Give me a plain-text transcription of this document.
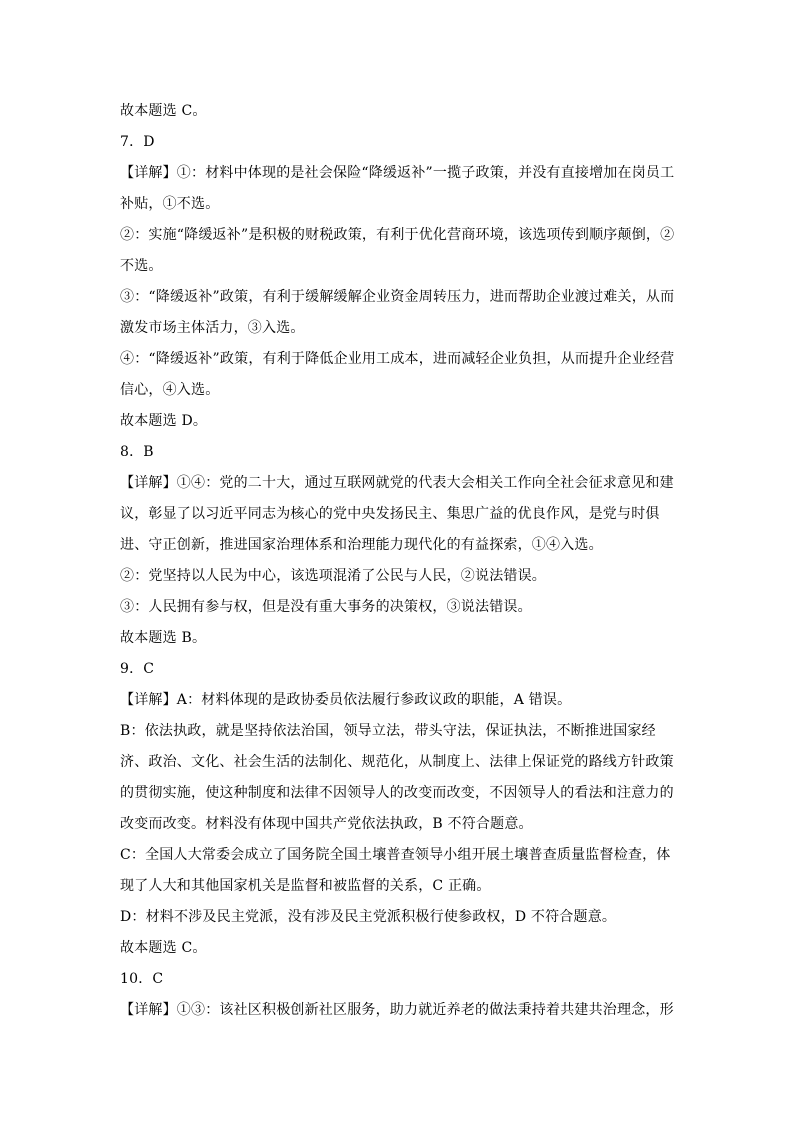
故本题选 C。
7．D
【详解】①：材料中体现的是社会保险“降缓返补”一揽子政策，并没有直接增加在岗员工
补贴，①不选。
②：实施“降缓返补”是积极的财税政策，有利于优化营商环境，该选项传到顺序颠倒，②
不选。
③：“降缓返补”政策，有利于缓解缓解企业资金周转压力，进而帮助企业渡过难关，从而
激发市场主体活力，③入选。
④：“降缓返补”政策，有利于降低企业用工成本，进而减轻企业负担，从而提升企业经营
信心，④入选。
故本题选 D。
8．B
【详解】①④：党的二十大，通过互联网就党的代表大会相关工作向全社会征求意见和建
议，彰显了以习近平同志为核心的党中央发扬民主、集思广益的优良作风，是党与时俱
进、守正创新，推进国家治理体系和治理能力现代化的有益探索，①④入选。
②：党坚持以人民为中心，该选项混淆了公民与人民，②说法错误。
③：人民拥有参与权，但是没有重大事务的决策权，③说法错误。
故本题选 B。
9．C
【详解】A：材料体现的是政协委员依法履行参政议政的职能，A 错误。
B：依法执政，就是坚持依法治国，领导立法，带头守法，保证执法，不断推进国家经
济、政治、文化、社会生活的法制化、规范化，从制度上、法律上保证党的路线方针政策
的贯彻实施，使这种制度和法律不因领导人的改变而改变，不因领导人的看法和注意力的
改变而改变。材料没有体现中国共产党依法执政，B 不符合题意。
C：全国人大常委会成立了国务院全国土壤普查领导小组开展土壤普查质量监督检查，体
现了人大和其他国家机关是监督和被监督的关系，C 正确。
D：材料不涉及民主党派，没有涉及民主党派积极行使参政权，D 不符合题意。
故本题选 C。
10．C
【详解】①③：该社区积极创新社区服务，助力就近养老的做法秉持着共建共治理念，形
